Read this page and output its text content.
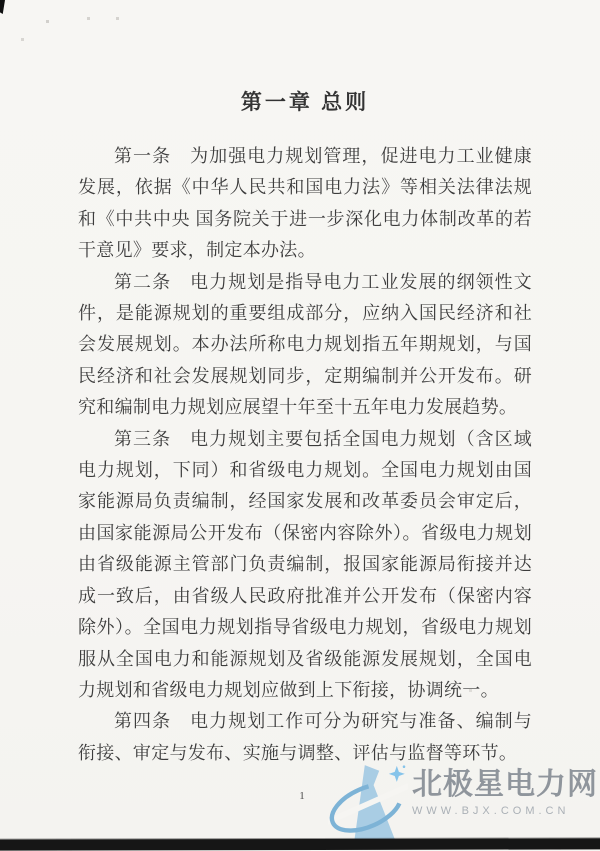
第一章 总则

第一条　为加强电力规划管理，促进电力工业健康发展，依据《中华人民共和国电力法》等相关法律法规和《中共中央 国务院关于进一步深化电力体制改革的若干意见》要求，制定本办法。

第二条　电力规划是指导电力工业发展的纲领性文件，是能源规划的重要组成部分，应纳入国民经济和社会发展规划。本办法所称电力规划指五年期规划，与国民经济和社会发展规划同步，定期编制并公开发布。研究和编制电力规划应展望十年至十五年电力发展趋势。

第三条　电力规划主要包括全国电力规划（含区域电力规划，下同）和省级电力规划。全国电力规划由国家能源局负责编制，经国家发展和改革委员会审定后，由国家能源局公开发布（保密内容除外）。省级电力规划由省级能源主管部门负责编制，报国家能源局衔接并达成一致后，由省级人民政府批准并公开发布（保密内容除外）。全国电力规划指导省级电力规划，省级电力规划服从全国电力和能源规划及省级能源发展规划，全国电力规划和省级电力规划应做到上下衔接，协调统一。

第四条　电力规划工作可分为研究与准备、编制与衔接、审定与发布、实施与调整、评估与监督等环节。

1	北极星电力网
WWW.BJX.COM.CN
